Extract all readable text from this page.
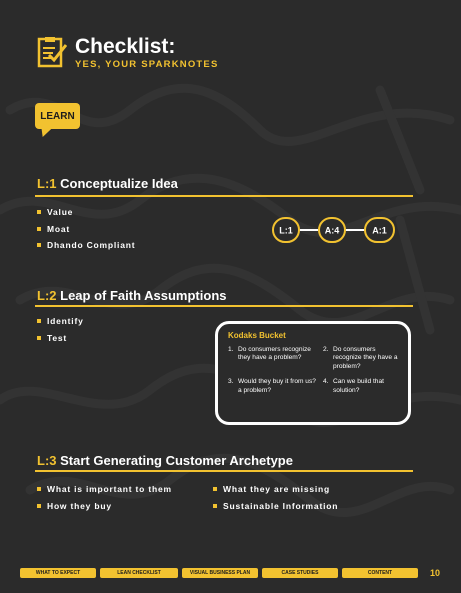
Checklist:
YES, YOUR SPARKNOTES
LEARN
L:1 Conceptualize Idea
Value
Moat
Dhando Compliant
L:1	A:4	A:1
L:2 Leap of Faith Assumptions
Identify
Test	Kodaks Bucket
1. Do consumers recognize they have a problem?
2. Do consumers recognize they have a problem?
3. Would they buy it from us? a problem?
4. Can we build that solution?
L:3 Start Generating Customer Archetype
What is important to them
How they buy
What they are missing
Sustainable Information
WHAT TO EXPECT	LEAN CHECKLIST	VISUAL BUSINESS PLAN	CASE STUDIES	CONTENT	10
